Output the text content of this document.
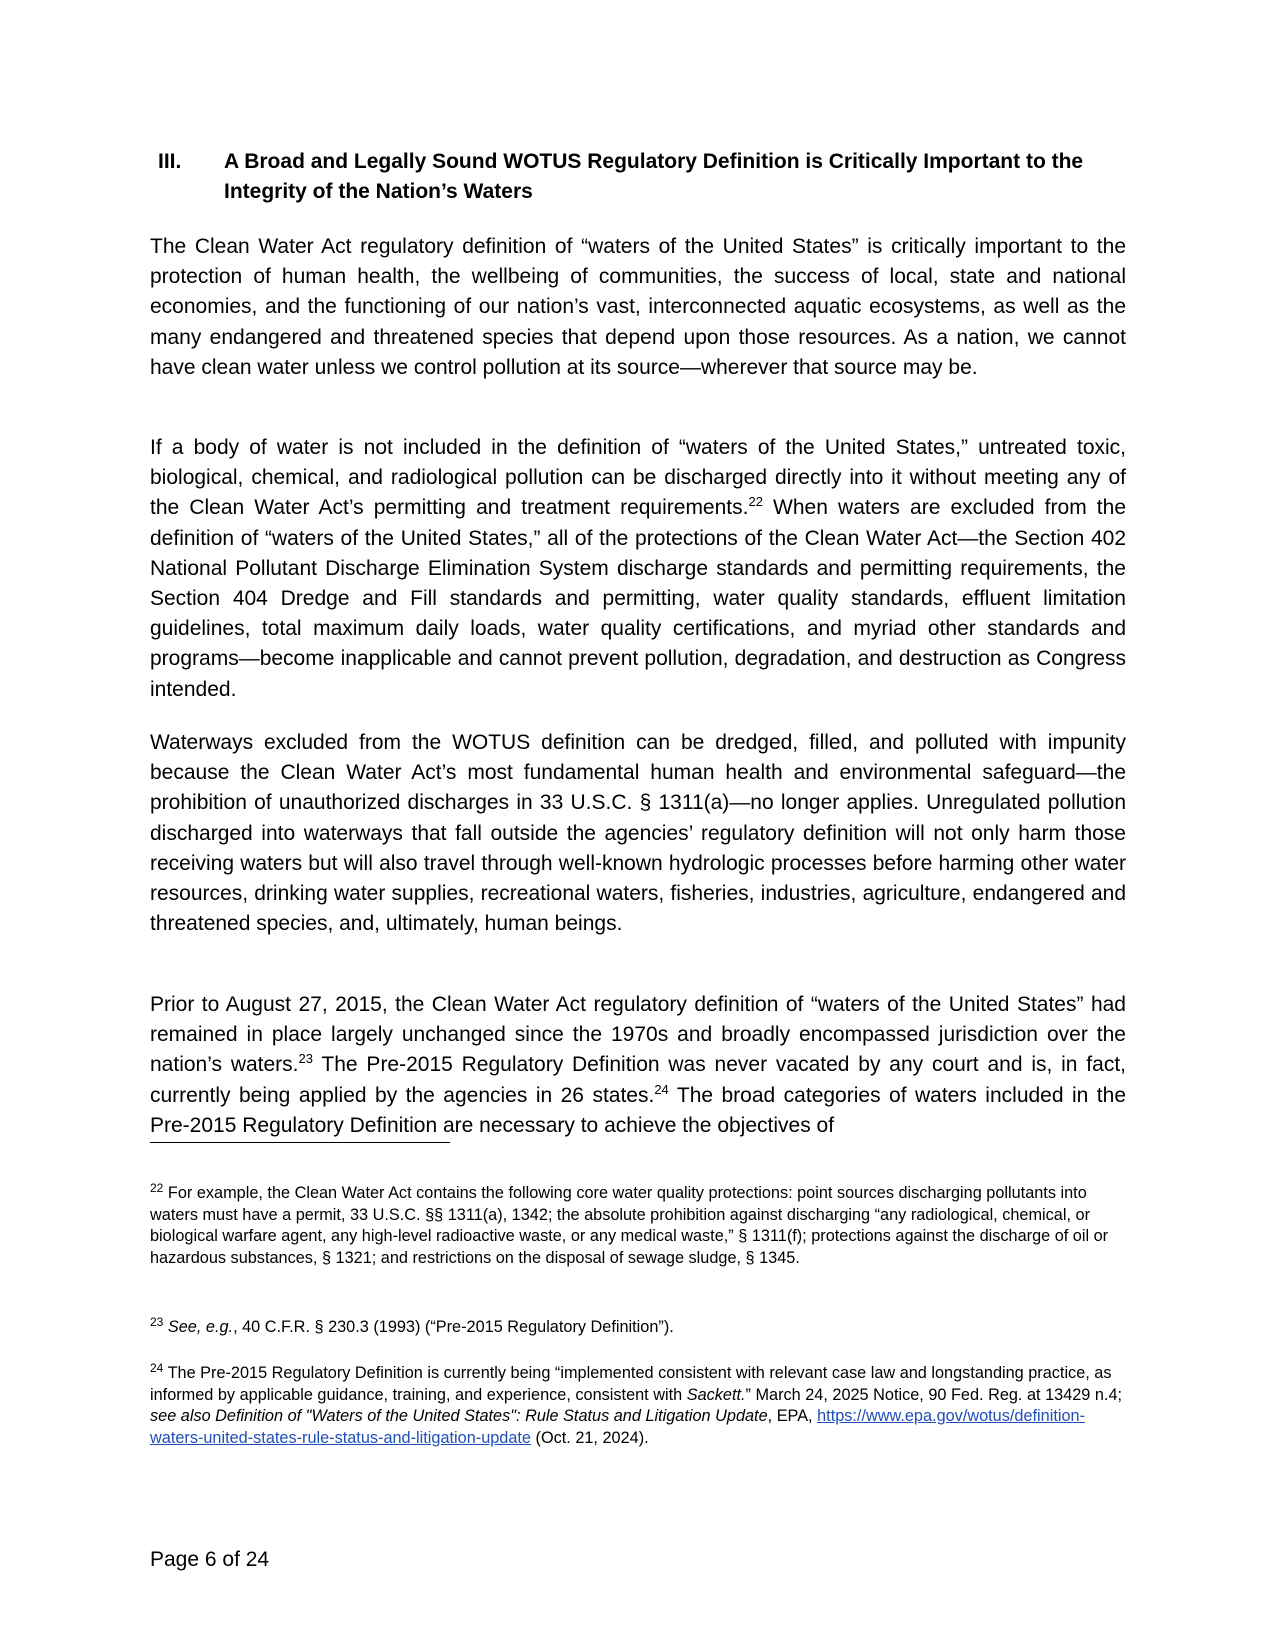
III. A Broad and Legally Sound WOTUS Regulatory Definition is Critically Important to the Integrity of the Nation’s Waters

The Clean Water Act regulatory definition of “waters of the United States” is critically important to the protection of human health, the wellbeing of communities, the success of local, state and national economies, and the functioning of our nation’s vast, interconnected aquatic ecosystems, as well as the many endangered and threatened species that depend upon those resources. As a nation, we cannot have clean water unless we control pollution at its source—wherever that source may be.

If a body of water is not included in the definition of “waters of the United States,” untreated toxic, biological, chemical, and radiological pollution can be discharged directly into it without meeting any of the Clean Water Act’s permitting and treatment requirements.$^{22}$ When waters are excluded from the definition of “waters of the United States,” all of the protections of the Clean Water Act—the Section 402 National Pollutant Discharge Elimination System discharge standards and permitting requirements, the Section 404 Dredge and Fill standards and permitting, water quality standards, effluent limitation guidelines, total maximum daily loads, water quality certifications, and myriad other standards and programs—become inapplicable and cannot prevent pollution, degradation, and destruction as Congress intended.

Waterways excluded from the WOTUS definition can be dredged, filled, and polluted with impunity because the Clean Water Act’s most fundamental human health and environmental safeguard—the prohibition of unauthorized discharges in 33 U.S.C. § 1311(a)—no longer applies. Unregulated pollution discharged into waterways that fall outside the agencies’ regulatory definition will not only harm those receiving waters but will also travel through well-known hydrologic processes before harming other water resources, drinking water supplies, recreational waters, fisheries, industries, agriculture, endangered and threatened species, and, ultimately, human beings.

Prior to August 27, 2015, the Clean Water Act regulatory definition of “waters of the United States” had remained in place largely unchanged since the 1970s and broadly encompassed jurisdiction over the nation’s waters.$^{23}$ The Pre-2015 Regulatory Definition was never vacated by any court and is, in fact, currently being applied by the agencies in 26 states.$^{24}$ The broad categories of waters included in the Pre-2015 Regulatory Definition are necessary to achieve the objectives of

$^{22}$ For example, the Clean Water Act contains the following core water quality protections: point sources discharging pollutants into waters must have a permit, 33 U.S.C. §§ 1311(a), 1342; the absolute prohibition against discharging “any radiological, chemical, or biological warfare agent, any high-level radioactive waste, or any medical waste,” § 1311(f); protections against the discharge of oil or hazardous substances, § 1321; and restrictions on the disposal of sewage sludge, § 1345.

$^{23}$ See, e.g., 40 C.F.R. § 230.3 (1993) (“Pre-2015 Regulatory Definition”).

$^{24}$ The Pre-2015 Regulatory Definition is currently being “implemented consistent with relevant case law and longstanding practice, as informed by applicable guidance, training, and experience, consistent with Sackett.” March 24, 2025 Notice, 90 Fed. Reg. at 13429 n.4; see also Definition of "Waters of the United States": Rule Status and Litigation Update, EPA, https://www.epa.gov/wotus/definition-waters-united-states-rule-status-and-litigation-update (Oct. 21, 2024).

Page 6 of 24
